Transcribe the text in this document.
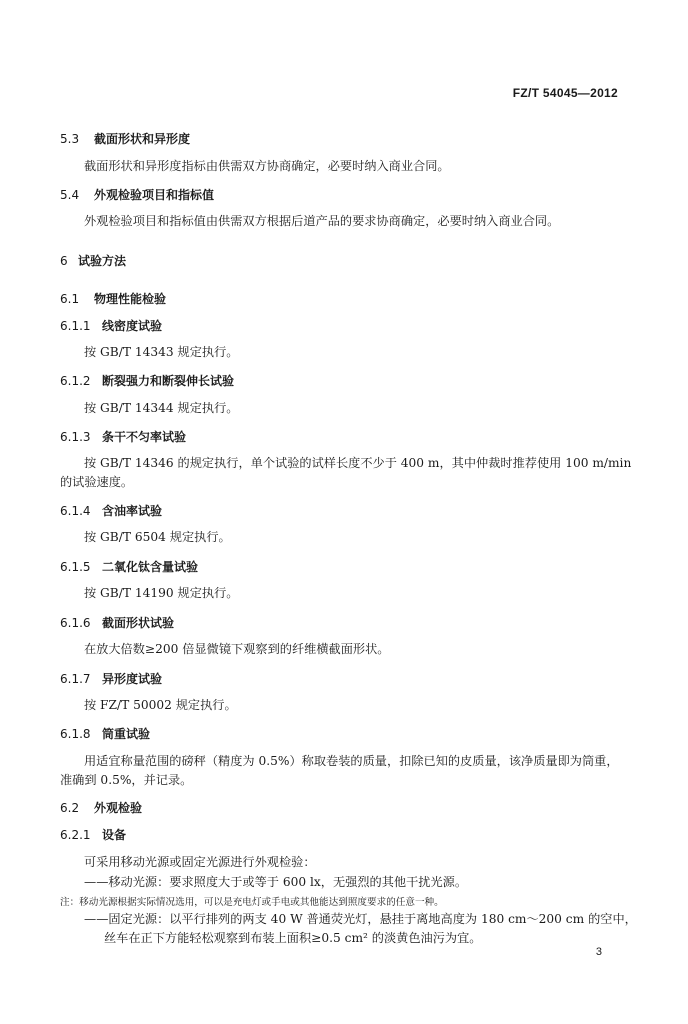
FZ/T 54045—2012
5.3 截面形状和异形度
截面形状和异形度指标由供需双方协商确定，必要时纳入商业合同。
5.4 外观检验项目和指标值
外观检验项目和指标值由供需双方根据后道产品的要求协商确定，必要时纳入商业合同。
6 试验方法
6.1 物理性能检验
6.1.1 线密度试验
按 GB/T 14343 规定执行。
6.1.2 断裂强力和断裂伸长试验
按 GB/T 14344 规定执行。
6.1.3 条干不匀率试验
按 GB/T 14346 的规定执行，单个试验的试样长度不少于 400 m，其中仲裁时推荐使用 100 m/min
的试验速度。
6.1.4 含油率试验
按 GB/T 6504 规定执行。
6.1.5 二氧化钛含量试验
按 GB/T 14190 规定执行。
6.1.6 截面形状试验
在放大倍数≥200 倍显微镜下观察到的纤维横截面形状。
6.1.7 异形度试验
按 FZ/T 50002 规定执行。
6.1.8 筒重试验
用适宜称量范围的磅秤（精度为 0.5%）称取卷装的质量，扣除已知的皮质量，该净质量即为筒重，
准确到 0.5%，并记录。
6.2 外观检验
6.2.1 设备
可采用移动光源或固定光源进行外观检验：
——移动光源：要求照度大于或等于 600 lx，无强烈的其他干扰光源。
注：移动光源根据实际情况选用，可以是充电灯或手电或其他能达到照度要求的任意一种。
——固定光源：以平行排列的两支 40 W 普通荧光灯，悬挂于离地高度为 180 cm～200 cm 的空中，
丝车在正下方能轻松观察到布装上面积≥0.5 cm² 的淡黄色油污为宜。
3
